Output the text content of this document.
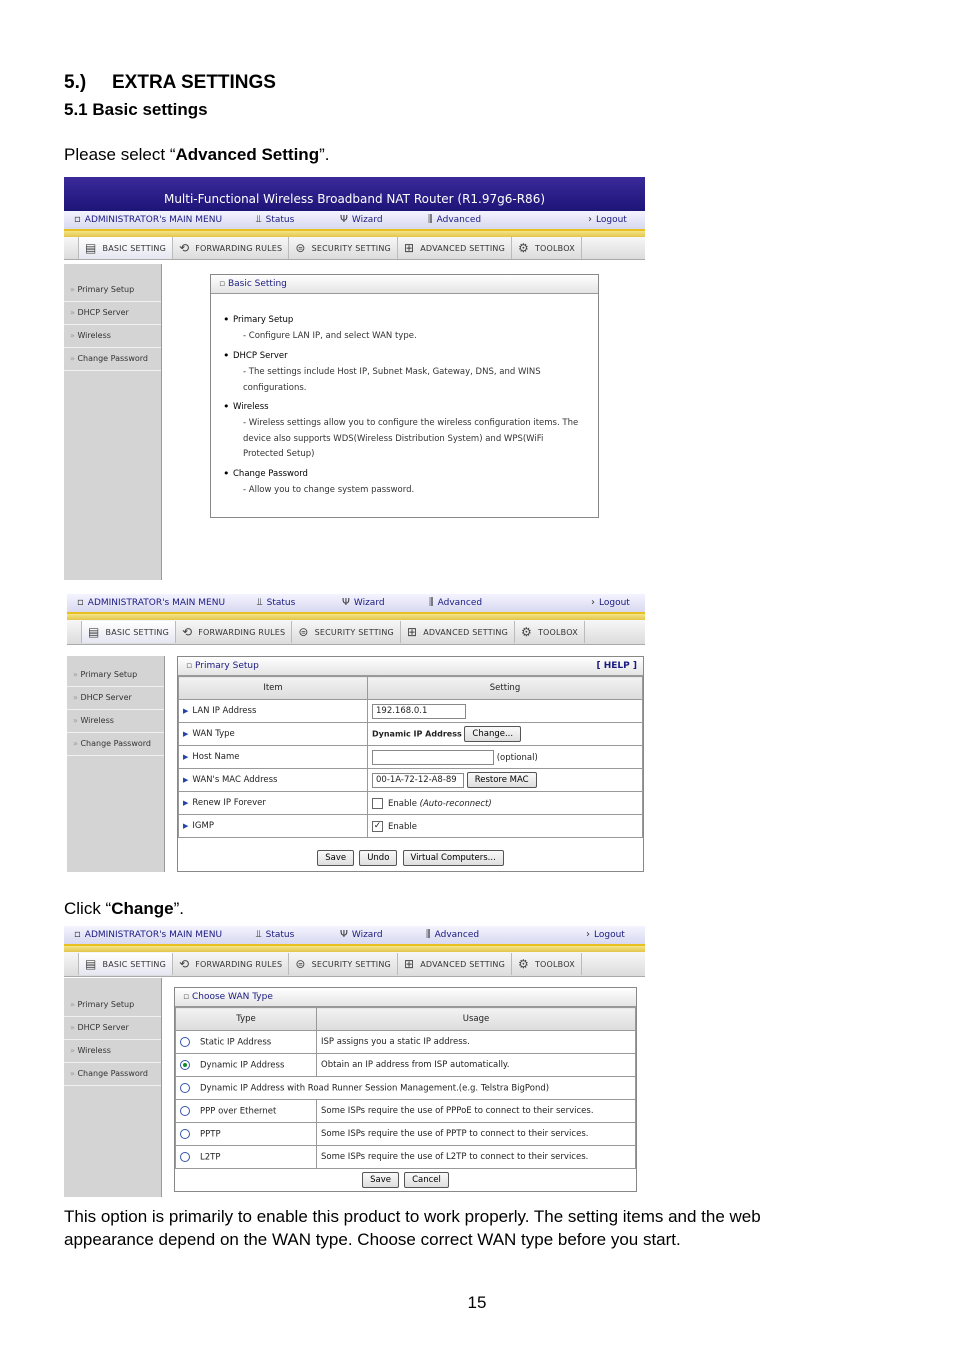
5.) EXTRA SETTINGS
5.1 Basic settings
Please select “Advanced Setting”.
Multi-Functional Wireless Broadband NAT Router (R1.97g6-R86)
▫ ADMINISTRATOR's MAIN MENU	⫫ Status	Ψ Wizard	⫼ Advanced	› Logout
▤ BASIC SETTING ⟲ FORWARDING RULES ⊜ SECURITY SETTING ⊞ ADVANCED SETTING ⚙ TOOLBOX
» Primary Setup
» DHCP Server
» Wireless
» Change Password
▫ Basic Setting
• Primary Setup
- Configure LAN IP, and select WAN type.
• DHCP Server
- The settings include Host IP, Subnet Mask, Gateway, DNS, and WINS configurations.
• Wireless
- Wireless settings allow you to configure the wireless configuration items. The device also supports WDS(Wireless Distribution System) and WPS(WiFi Protected Setup)
• Change Password
- Allow you to change system password.
▫ ADMINISTRATOR's MAIN MENU	⫫ Status	Ψ Wizard	⫼ Advanced	› Logout
▤ BASIC SETTING ⟲ FORWARDING RULES ⊜ SECURITY SETTING ⊞ ADVANCED SETTING ⚙ TOOLBOX
» Primary Setup
» DHCP Server
» Wireless
» Change Password
▫ Primary Setup	[ HELP ]
Item	Setting
▶ LAN IP Address	192.168.0.1
▶ WAN Type	Dynamic IP Address Change...
▶ Host Name	(optional)
▶ WAN's MAC Address	00-1A-72-12-A8-89 Restore MAC
▶ Renew IP Forever	Enable (Auto-reconnect)
▶ IGMP	✓ Enable
Save Undo Virtual Computers...
Click “Change”.
▫ ADMINISTRATOR's MAIN MENU	⫫ Status	Ψ Wizard	⫼ Advanced	› Logout
▤ BASIC SETTING ⟲ FORWARDING RULES ⊜ SECURITY SETTING ⊞ ADVANCED SETTING ⚙ TOOLBOX
» Primary Setup
» DHCP Server
» Wireless
» Change Password
▫ Choose WAN Type
Type	Usage
Static IP Address	ISP assigns you a static IP address.
Dynamic IP Address	Obtain an IP address from ISP automatically.
Dynamic IP Address with Road Runner Session Management.(e.g. Telstra BigPond)	
PPP over Ethernet	Some ISPs require the use of PPPoE to connect to their services.
PPTP	Some ISPs require the use of PPTP to connect to their services.
L2TP	Some ISPs require the use of L2TP to connect to their services.
Save Cancel
This option is primarily to enable this product to work properly. The setting items and the web
appearance depend on the WAN type. Choose correct WAN type before you start.
15
